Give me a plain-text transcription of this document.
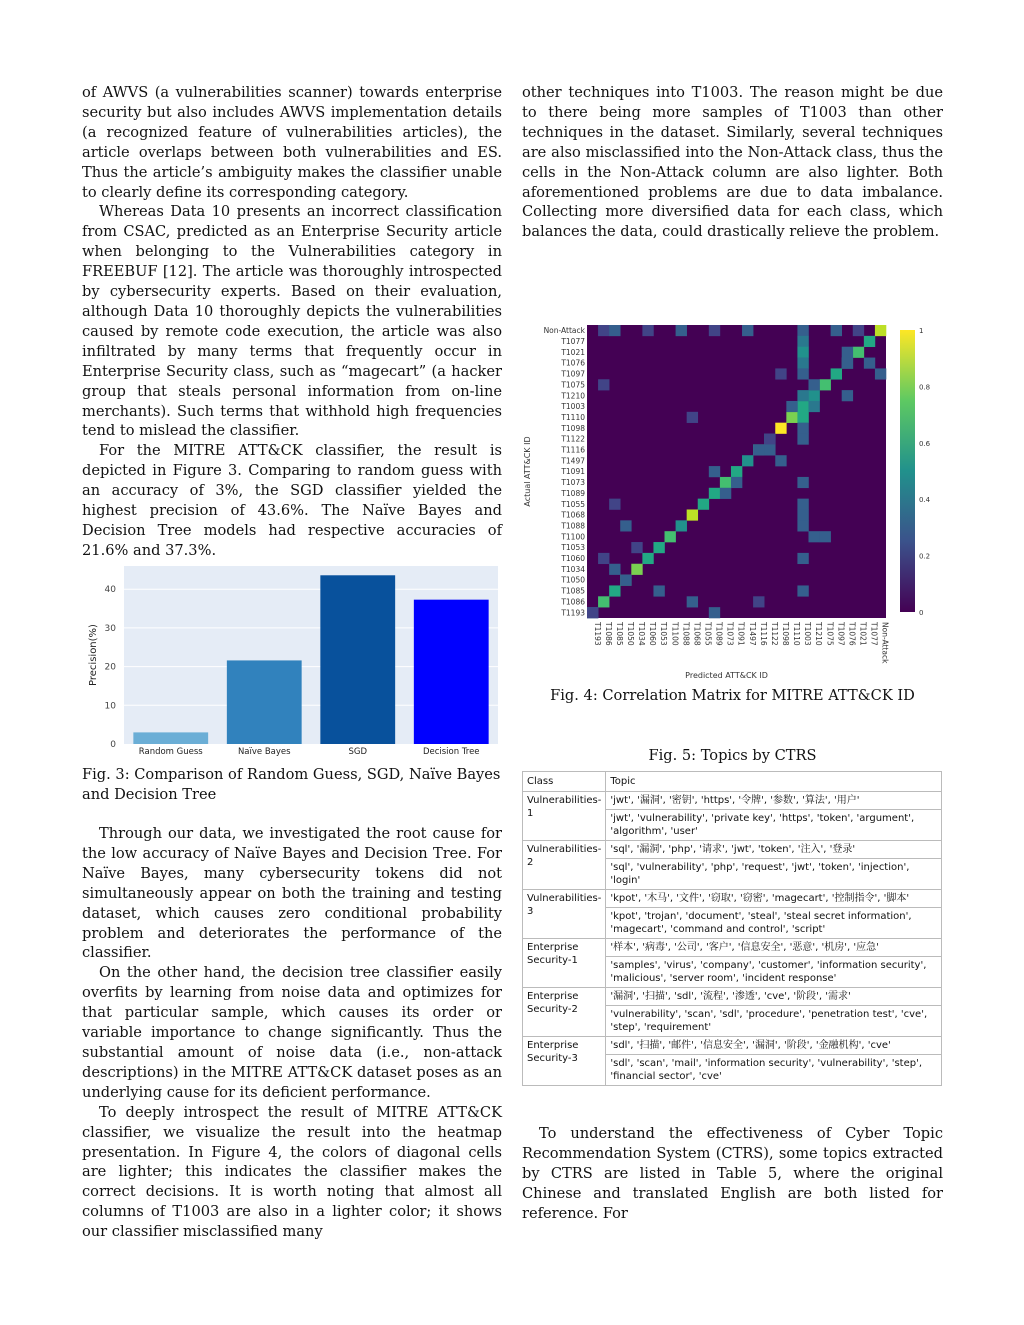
of AWVS (a vulnerabilities scanner) towards enterprise security but also includes AWVS implementation details (a recognized feature of vulnerabilities articles), the article overlaps between both vulnerabilities and ES. Thus the article’s ambiguity makes the classifier unable to clearly define its corresponding category.

Whereas Data 10 presents an incorrect classification from CSAC, predicted as an Enterprise Security article when belonging to the Vulnerabilities category in FREEBUF [12]. The article was thoroughly introspected by cybersecurity experts. Based on their evaluation, although Data 10 thoroughly depicts the vulnerabilities caused by remote code execution, the article was also infiltrated by many terms that frequently occur in Enterprise Security class, such as “magecart” (a hacker group that steals personal information from on-line merchants). Such terms that withhold high frequencies tend to mislead the classifier.

For the MITRE ATT&CK classifier, the result is depicted in Figure 3. Comparing to random guess with an accuracy of 3%, the SGD classifier yielded the highest precision of 43.6%. The Naïve Bayes and Decision Tree models had respective accuracies of 21.6% and 37.3%.

0
10
20
30
40
Random Guess	Naïve Bayes	SGD	Decision Tree
Precision(%)
Fig. 3: Comparison of Random Guess, SGD, Naïve Bayes and Decision Tree

Through our data, we investigated the root cause for the low accuracy of Naïve Bayes and Decision Tree. For Naïve Bayes, many cybersecurity tokens did not simultaneously appear on both the training and testing dataset, which causes zero conditional probability problem and deteriorates the performance of the classifier.

On the other hand, the decision tree classifier easily overfits by learning from noise data and optimizes for that particular sample, which causes its order or variable importance to change significantly. Thus the substantial amount of noise data (i.e., non-attack descriptions) in the MITRE ATT&CK dataset poses as an underlying cause for its deficient performance.

To deeply introspect the result of MITRE ATT&CK classifier, we visualize the result into the heatmap presentation. In Figure 4, the colors of diagonal cells are lighter; this indicates the classifier makes the correct decisions. It is worth noting that almost all columns of T1003 are also in a lighter color; it shows our classifier misclassified many

other techniques into T1003. The reason might be due to there being more samples of T1003 than other techniques in the dataset. Similarly, several techniques are also misclassified into the Non-Attack class, thus the cells in the Non-Attack column are also lighter. Both aforementioned problems are due to data imbalance. Collecting more diversified data for each class, which balances the data, could drastically relieve the problem.

Non-Attack
T1077
T1021
T1076
T1097
T1075
T1210
T1003
T1110
T1098
T1122
T1116
T1497
T1091
T1073
T1089
T1055
T1068
T1088
T1100
T1053
T1060
T1034
T1050
T1085
T1086
T1193
T1193 T1086 T1085 T1050 T1034 T1060 T1053 T1100 T1088 T1068 T1055 T1089 T1073 T1091 T1497 T1116 T1122 T1098 T1110 T1003 T1210 T1075 T1097 T1076 T1021 T1077 Non-Attack
Actual ATT&CK ID
Predicted ATT&CK ID
0
0.2
0.4
0.6
0.8
1
Fig. 4: Correlation Matrix for MITRE ATT&CK ID
Fig. 5: Topics by CTRS
Class	Topic
Vulnerabilities-1	'jwt', '漏洞', '密钥', 'https', '令牌', '参数', '算法', '用户'
	'jwt', 'vulnerability', 'private key', 'https', 'token', 'argument', 'algorithm', 'user'
Vulnerabilities-2	'sql', '漏洞', 'php', '请求', 'jwt', 'token', '注入', '登录'
	'sql', 'vulnerability', 'php', 'request', 'jwt', 'token', 'injection', 'login'
Vulnerabilities-3	'kpot', '木马', '文件', '窃取', '窃密', 'magecart', '控制指令', '脚本'
	'kpot', 'trojan', 'document', 'steal', 'steal secret information', 'magecart', 'command and control', 'script'
Enterprise Security-1	'样本', '病毒', '公司', '客户', '信息安全', '恶意', '机房', '应急'
	'samples', 'virus', 'company', 'customer', 'information security', 'malicious', 'server room', 'incident response'
Enterprise Security-2	'漏洞', '扫描', 'sdl', '流程', '渗透', 'cve', '阶段', '需求'
	'vulnerability', 'scan', 'sdl', 'procedure', 'penetration test', 'cve', 'step', 'requirement'
Enterprise Security-3	'sdl', '扫描', '邮件', '信息安全', '漏洞', '阶段', '金融机构', 'cve'
	'sdl', 'scan', 'mail', 'information security', 'vulnerability', 'step', 'financial sector', 'cve'

To understand the effectiveness of Cyber Topic Recommendation System (CTRS), some topics extracted by CTRS are listed in Table 5, where the original Chinese and translated English are both listed for reference. For
